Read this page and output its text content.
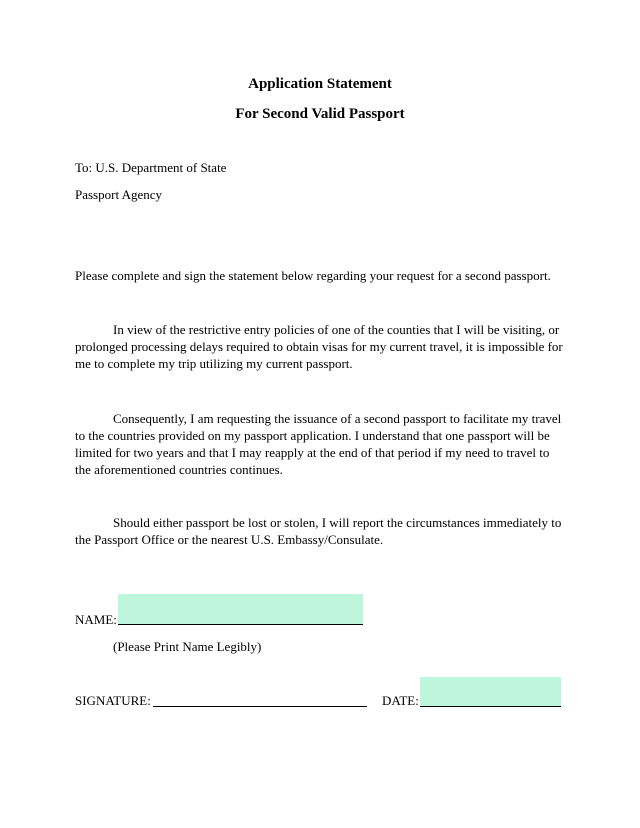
Application Statement
For Second Valid Passport
To: U.S. Department of State
Passport Agency
Please complete and sign the statement below regarding your request for a second passport.
In view of the restrictive entry policies of one of the counties that I will be visiting, or prolonged processing delays required to obtain visas for my current travel, it is impossible for me to complete my trip utilizing my current passport.
Consequently, I am requesting the issuance of a second passport to facilitate my travel to the countries provided on my passport application. I understand that one passport will be limited for two years and that I may reapply at the end of that period if my need to travel to the aforementioned countries continues.
Should either passport be lost or stolen, I will report the circumstances immediately to the Passport Office or the nearest U.S. Embassy/Consulate.
NAME:
(Please Print Name Legibly)
SIGNATURE:	DATE:
